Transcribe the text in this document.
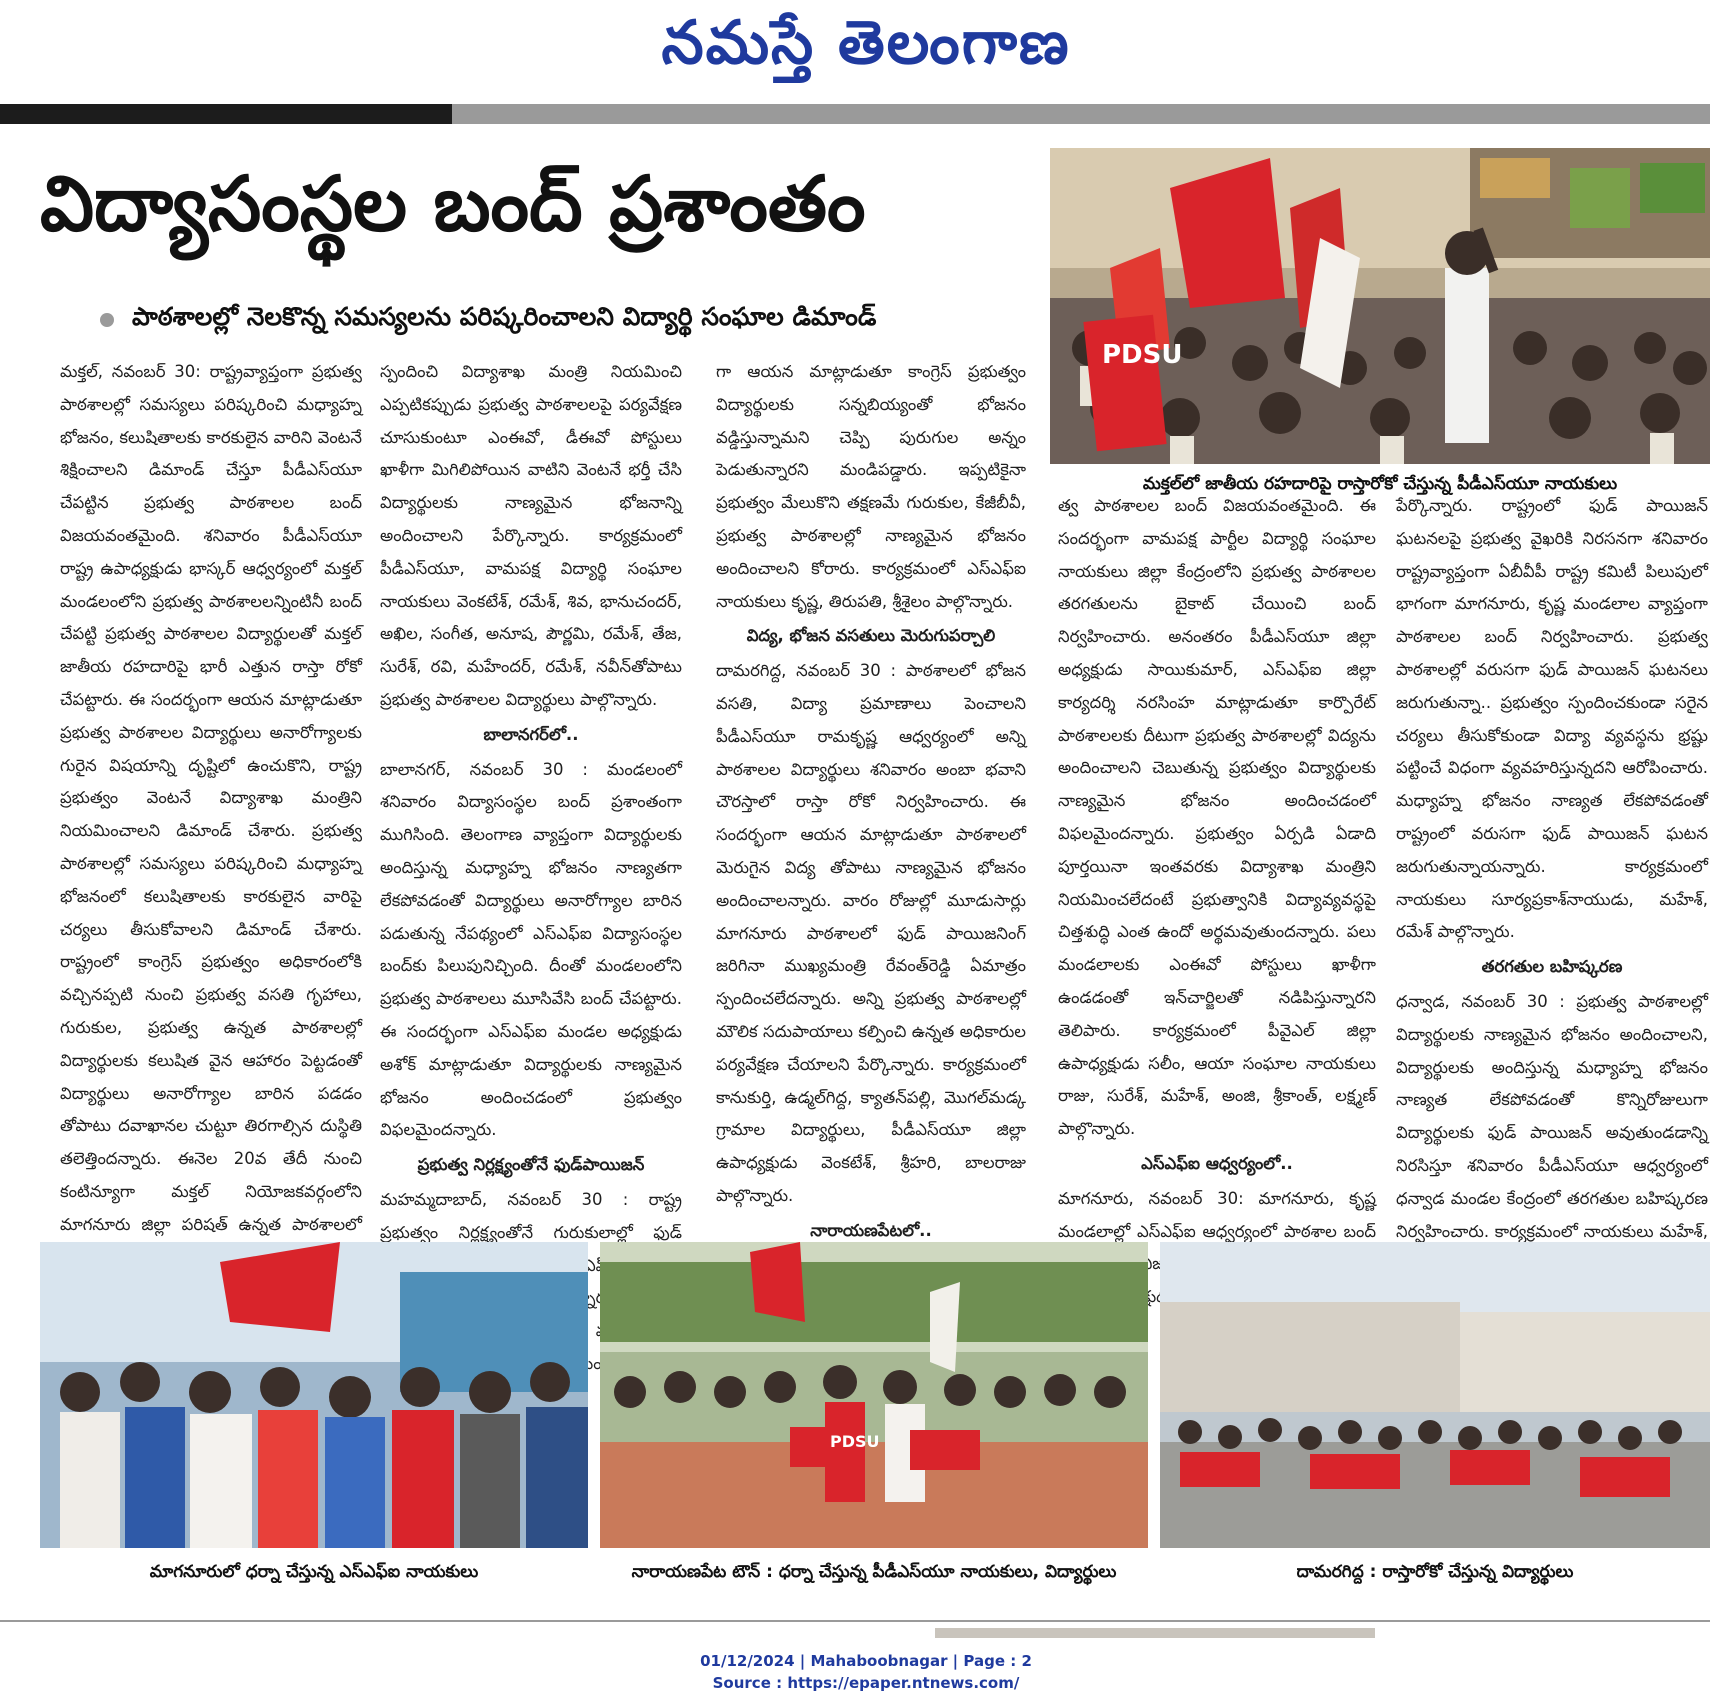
నమస్తే తెలంగాణ
విద్యాసంస్థల బంద్ ప్రశాంతం
పాఠశాలల్లో నెలకొన్న సమస్యలను పరిష్కరించాలని విద్యార్థి సంఘాల డిమాండ్
PDSU
మక్తల్‌లో జాతీయ రహదారిపై రాస్తారోకో చేస్తున్న పీడీఎస్‌యూ నాయకులు

మక్తల్, నవంబర్ 30: రాష్ట్రవ్యాప్తంగా ప్రభుత్వ పాఠశాలల్లో సమస్యలు పరిష్కరించి మధ్యాహ్న భోజనం, కలుషితాలకు కారకులైన వారిని వెంటనే శిక్షించాలని డిమాండ్ చేస్తూ పీడీఎస్‌యూ చేపట్టిన ప్రభుత్వ పాఠశాలల బంద్ విజయవంతమైంది. శనివారం పీడీఎస్‌యూ రాష్ట్ర ఉపాధ్యక్షుడు భాస్కర్ ఆధ్వర్యంలో మక్తల్ మండలంలోని ప్రభుత్వ పాఠశాలలన్నింటినీ బంద్ చేపట్టి ప్రభుత్వ పాఠశాలల విద్యార్థులతో మక్తల్ జాతీయ రహదారిపై భారీ ఎత్తున రాస్తా రోకో చేపట్టారు. ఈ సందర్భంగా ఆయన మాట్లాడుతూ ప్రభుత్వ పాఠశాలల విద్యార్థులు అనారోగ్యాలకు గురైన విషయాన్ని దృష్టిలో ఉంచుకొని, రాష్ట్ర ప్రభుత్వం వెంటనే విద్యాశాఖ మంత్రిని నియమించాలని డిమాండ్ చేశారు. ప్రభుత్వ పాఠశాలల్లో సమస్యలు పరిష్కరించి మధ్యాహ్న భోజనంలో కలుషితాలకు కారకులైన వారిపై చర్యలు తీసుకోవాలని డిమాండ్ చేశారు. రాష్ట్రంలో కాంగ్రెస్ ప్రభుత్వం అధికారంలోకి వచ్చినప్పటి నుంచి ప్రభుత్వ వసతి గృహాలు, గురుకుల, ప్రభుత్వ ఉన్నత పాఠశాలల్లో విద్యార్థులకు కలుషిత వైన ఆహారం పెట్టడంతో విద్యార్థులు అనారోగ్యాల బారిన పడడం తోపాటు దవాఖానల చుట్టూ తిరగాల్సిన దుస్థితి తలెత్తిందన్నారు. ఈనెల 20వ తేదీ నుంచి కంటిన్యూగా మక్తల్ నియోజకవర్గంలోని మాగనూరు జిల్లా పరిషత్ ఉన్నత పాఠశాలలో

స్పందించి విద్యాశాఖ మంత్రి నియమించి ఎప్పటికప్పుడు ప్రభుత్వ పాఠశాలలపై పర్యవేక్షణ చూసుకుంటూ ఎంఈవో, డీఈవో పోస్టులు ఖాళీగా మిగిలిపోయిన వాటిని వెంటనే భర్తీ చేసి విద్యార్థులకు నాణ్యమైన భోజనాన్ని అందించాలని పేర్కొన్నారు. కార్యక్రమంలో పీడీఎస్‌యూ, వామపక్ష విద్యార్థి సంఘాల నాయకులు వెంకటేశ్, రమేశ్, శివ, భానుచందర్, అఖిల, సంగీత, అనూష, పౌర్ణమి, రమేశ్, తేజ, సురేశ్, రవి, మహేందర్, రమేశ్, నవీన్‌తోపాటు ప్రభుత్వ పాఠశాలల విద్యార్థులు పాల్గొన్నారు.

బాలానగర్‌లో..

బాలానగర్, నవంబర్ 30 : మండలంలో శనివారం విద్యాసంస్థల బంద్ ప్రశాంతంగా ముగిసింది. తెలంగాణ వ్యాప్తంగా విద్యార్థులకు అందిస్తున్న మధ్యాహ్న భోజనం నాణ్యతగా లేకపోవడంతో విద్యార్థులు అనారోగ్యాల బారిన పడుతున్న నేపథ్యంలో ఎస్ఎఫ్ఐ విద్యాసంస్థల బంద్‌కు పిలుపునిచ్చింది. దీంతో మండలంలోని ప్రభుత్వ పాఠశాలలు మూసివేసి బంద్ చేపట్టారు. ఈ సందర్భంగా ఎస్ఎఫ్ఐ మండల అధ్యక్షుడు అశోక్ మాట్లాడుతూ విద్యార్థులకు నాణ్యమైన భోజనం అందించడంలో ప్రభుత్వం విఫలమైందన్నారు.

ప్రభుత్వ నిర్లక్ష్యంతోనే ఫుడ్‌పాయిజన్

మహమ్మదాబాద్, నవంబర్ 30 : రాష్ట్ర ప్రభుత్వం నిర్లక్ష్యంతోనే గురుకులాల్లో ఫుడ్ ఎస్ఎఫ్ఐ

గా ఆయన మాట్లాడుతూ కాంగ్రెస్ ప్రభుత్వం విద్యార్థులకు సన్నబియ్యంతో భోజనం వడ్డిస్తున్నామని చెప్పి పురుగుల అన్నం పెడుతున్నారని మండిపడ్డారు. ఇప్పటికైనా ప్రభుత్వం మేలుకొని తక్షణమే గురుకుల, కేజీబీవీ, ప్రభుత్వ పాఠశాలల్లో నాణ్యమైన భోజనం అందించాలని కోరారు. కార్యక్రమంలో ఎస్ఎఫ్ఐ నాయకులు కృష్ణ, తిరుపతి, శ్రీశైలం పాల్గొన్నారు.

విద్య, భోజన వసతులు మెరుగుపర్చాలి

దామరగిద్ద, నవంబర్ 30 : పాఠశాలలో భోజన వసతి, విద్యా ప్రమాణాలు పెంచాలని పీడీఎస్‌యూ రామకృష్ణ ఆధ్వర్యంలో అన్ని పాఠశాలల విద్యార్థులు శనివారం అంబా భవాని చౌరస్తాలో రాస్తా రోకో నిర్వహించారు. ఈ సందర్భంగా ఆయన మాట్లాడుతూ పాఠశాలలో మెరుగైన విద్య తోపాటు నాణ్యమైన భోజనం అందించాలన్నారు. వారం రోజుల్లో మూడుసార్లు మాగనూరు పాఠశాలలో ఫుడ్ పాయిజనింగ్ జరిగినా ముఖ్యమంత్రి రేవంత్‌రెడ్డి ఏమాత్రం స్పందించలేదన్నారు. అన్ని ప్రభుత్వ పాఠశాలల్లో మౌలిక సదుపాయాలు కల్పించి ఉన్నత అధికారుల పర్యవేక్షణ చేయాలని పేర్కొన్నారు. కార్యక్రమంలో కానుకుర్తి, ఉడ్మల్‌గిద్ద, క్యాతన్‌పల్లి, మొగల్‌మడ్క గ్రామాల విద్యార్థులు, పీడీఎస్‌యూ జిల్లా ఉపాధ్యక్షుడు వెంకటేశ్, శ్రీహరి, బాలరాజు పాల్గొన్నారు.

నారాయణపేటలో..

త్వ పాఠశాలల బంద్ విజయవంతమైంది. ఈ సందర్భంగా వామపక్ష పార్టీల విద్యార్థి సంఘాల నాయకులు జిల్లా కేంద్రంలోని ప్రభుత్వ పాఠశాలల తరగతులను బైకాట్ చేయించి బంద్ నిర్వహించారు. అనంతరం పీడీఎస్‌యూ జిల్లా అధ్యక్షుడు సాయికుమార్, ఎస్ఎఫ్ఐ జిల్లా కార్యదర్శి నరసింహ మాట్లాడుతూ కార్పొరేట్ పాఠశాలలకు దీటుగా ప్రభుత్వ పాఠశాలల్లో విద్యను అందించాలని చెబుతున్న ప్రభుత్వం విద్యార్థులకు నాణ్యమైన భోజనం అందించడంలో విఫలమైందన్నారు. ప్రభుత్వం ఏర్పడి ఏడాది పూర్తయినా ఇంతవరకు విద్యాశాఖ మంత్రిని నియమించలేదంటే ప్రభుత్వానికి విద్యావ్యవస్థపై చిత్తశుద్ధి ఎంత ఉందో అర్థమవుతుందన్నారు. పలు మండలాలకు ఎంఈవో పోస్టులు ఖాళీగా ఉండడంతో ఇన్‌చార్జిలతో నడిపిస్తున్నారని తెలిపారు. కార్యక్రమంలో పీవైఎల్ జిల్లా ఉపాధ్యక్షుడు సలీం, ఆయా సంఘాల నాయకులు రాజు, సురేశ్, మహేశ్, అంజి, శ్రీకాంత్, లక్ష్మణ్ పాల్గొన్నారు.

ఎస్ఎఫ్ఐ ఆధ్వర్యంలో..

మాగనూరు, నవంబర్ 30: మాగనూరు, కృష్ణ మండలాల్లో ఎస్ఎఫ్ఐ ఆధ్వర్యంలో పాఠశాల బంద్

పేర్కొన్నారు. రాష్ట్రంలో ఫుడ్ పాయిజన్ ఘటనలపై ప్రభుత్వ వైఖరికి నిరసనగా శనివారం రాష్ట్రవ్యాప్తంగా ఏబీవీపీ రాష్ట్ర కమిటీ పిలుపులో భాగంగా మాగనూరు, కృష్ణ మండలాల వ్యాప్తంగా పాఠశాలల బంద్ నిర్వహించారు. ప్రభుత్వ పాఠశాలల్లో వరుసగా ఫుడ్ పాయిజన్ ఘటనలు జరుగుతున్నా.. ప్రభుత్వం స్పందించకుండా సరైన చర్యలు తీసుకోకుండా విద్యా వ్యవస్థను భ్రష్టు పట్టించే విధంగా వ్యవహరిస్తున్నదని ఆరోపించారు. మధ్యాహ్న భోజనం నాణ్యత లేకపోవడంతో రాష్ట్రంలో వరుసగా ఫుడ్ పాయిజన్ ఘటన జరుగుతున్నాయన్నారు. కార్యక్రమంలో నాయకులు సూర్యప్రకాశ్‌నాయుడు, మహేశ్, రమేశ్ పాల్గొన్నారు.

తరగతుల బహిష్కరణ

ధన్వాడ, నవంబర్ 30 : ప్రభుత్వ పాఠశాలల్లో విద్యార్థులకు నాణ్యమైన భోజనం అందించాలని, విద్యార్థులకు అందిస్తున్న మధ్యాహ్న భోజనం నాణ్యత లేకపోవడంతో కొన్నిరోజులుగా విద్యార్థులకు ఫుడ్ పాయిజన్ అవుతుండడాన్ని నిరసిస్తూ శనివారం పీడీఎస్‌యూ ఆధ్వర్యంలో ధన్వాడ మండల కేంద్రంలో తరగతుల బహిష్కరణ నిర్వహించారు. కార్యక్రమంలో నాయకులు మహేశ్,

మాగనూరులో ధర్నా చేస్తున్న ఎస్ఎఫ్ఐ నాయకులు
PDSU
నారాయణపేట టౌన్ : ధర్నా చేస్తున్న పీడీఎస్‌యూ నాయకులు, విద్యార్థులు	దామరగిద్ద : రాస్తారోకో చేస్తున్న విద్యార్థులు
01/12/2024 | Mahaboobnagar | Page : 2
Source : https://epaper.ntnews.com/
